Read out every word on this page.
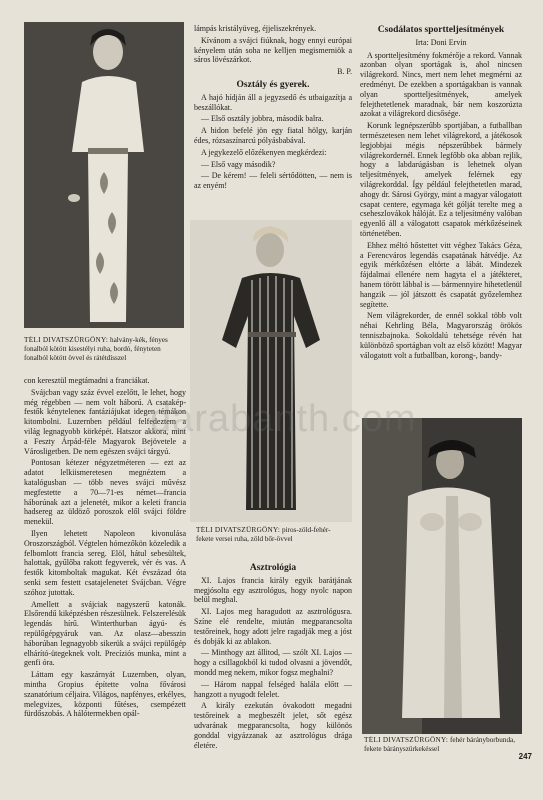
TÉLI DIVATSZÜRGÖNY: halvány-kék, fényes fonalból kötött kisestélyi ruha, bordó, fényteten fonalból kötött övvel és rátétdísszel

con keresztül megtámadni a franciákat.

Svájcban vagy száz évvel ezelőtt, le lehet, hogy még régebben — nem volt háború. A csatakép-festők kényteleneк fantáziájukat idegen témákon kitombolni. Luzernben például felfedeztem a világ legnagyobb körképét. Hatszor akkora, mint a Feszty Árpád-féle Magyarok Bejövetele a Városligetben. De nem egészen svájci tárgyú.

Pontosan kétezer négyzetméteren — ezt az adatot lelkiismeretesen megnéztem a katalógusban — több neves svájci művész megfestette a 70—71-es német—francia háborúnak azt a jelenetét, mikor a keleti francia hadsereg az üldöző poroszok elől svájci földre menekül.

Ilyen lehetett Napoleon kivonulása Oroszországból. Végtelen hómezőkön közeledik a felbomlott francia sereg. Elöl, hátul sebesültek, halottak, gyűlőba rakott fegyverek, vér és vas. A festők kitomboltak magukat. Két évszázad óta senki sem festett csatajelenetet Svájcban. Végre szóhoz jutottak.

Amellett a svájciak nagyszerű katonák. Elsőrendű kiképzésben részesülnek. Felszerelésük legendás hírű. Winterthurban ágyú- és repülőgépgyáruk van. Az olasz—abesszin háborúban legnagyobb sikerük a svájci repülőgép elhárító-ütegeknek volt. Precíziós munka, mint a genfi óra.

Láttam egy kaszárnyát Luzernben, olyan, mintha Gropius építette volna fővárosi szanatórium céljaira. Világos, napfényes, erkélyes, melegvizes, központi fűtéses, csempézett fürdőszobás. A hálótermekben opál-

lámpás kristályüveg, éjjeliszekrények.

Kívánom a svájci fiúknak, hogy ennyi európai kényelem után soha ne kelljen megismerniök a sáros lövészárkot.

B. P.
Osztály és gyerek.

A hajó hídján áll a jegyzsedő és utbaigazítja a beszállókat.

— Első osztály jobbra, második balra.

A hidon befelé jön egy fiatal hölgy, karján édes, rózsaszínarcú pólyásbabával.

A jegykezelő előzékenyen megkérdezi:

— Első vagy második?

— De kérem! — feleli sértődötten, — nem is az enyém!

TÉLI DIVATSZÜRGÖNY: piros-zöld-fehér-fekete versei ruha, zöld bőr-övvel
Asztrológia

XI. Lajos francia király egyik barátjának megjósolta egy asztrológus, hogy nyolc napon belül meghal.

XI. Lajos meg haragudott az asztrológusra. Színe elé rendelte, miután megparancsolta testőreinek, hogy adott jelre ragadják meg a jóst és dobják ki az ablakon.

— Minthogy azt állitod, — szólt XI. Lajos — hogy a csillagokból ki tudod olvasni a jövendőt, mondd meg nekem, mikor fogsz meghalni?

— Három nappal felséged halála előtt — hangzott a nyugodt felelet.

A király ezekután óvakodott megadni testőreinek a megbeszélt jelet, sőt egész udvarának megparancsolta, hogy különös gonddal vigyázzanak az asztrológus drága életére.

Csodálatos sportteljesítmények
Irta: Doni Ervin

A sportteljesítmény fokmérője a rekord. Vannak azonban olyan sportágak is, ahol nincsen világrekord. Nincs, mert nem lehet megmérni az eredményt. De ezekben a sportágakban is vannak olyan sportteljesítmények, amelyek felejthetetlenek maradnak, bár nem koszorúzta azokat a világrekord dicsősége.

Korunk legnépszerűbb sportjában, a futballban természetesen nem lehet világrekord, a játékosok legjobbjai mégis népszerűbbek bármely világrekordernél. Ennek legfőbb oka abban rejlik, hogy a labdarúgásban is lehetnek olyan teljesítmények, amelyek felérnek egy világrekorddal. Így például felejthetetlen marad, ahogy dr. Sárosi György, mint a magyar válogatott csapat centere, egymaga két gólját terelte meg a cseheszlovákok hálóját. Ez a teljesítmény valóban egyenlő áll a válogatott csapatok mérkőzéseinek történetében.

Ehhez méltó hőstettet vitt véghez Takács Géza, a Ferencváros legendás csapatának hátvédje. Az egyik mérkőzésen eltörte a lábát. Mindezek fájdalmai ellenére nem hagyta el a játékteret, hanem törött lábbal is — bármennyire hihetetlenül hangzik — jól játszott és csapatát győzelemhez segítette.

Nem világrekorder, de ennél sokkal több volt néhai Kehrling Béla, Magyarország örökös tenniszbajnoka. Sokoldalú tehetsége révén hat különböző sportágban volt az első között! Magyar válogatott volt a futballban, korong-, bandy-

TÉLI DIVATSZÜRGÖNY: fehér bárányborbunda, fekete bárányszürkekéssel
247
darabanth.com
